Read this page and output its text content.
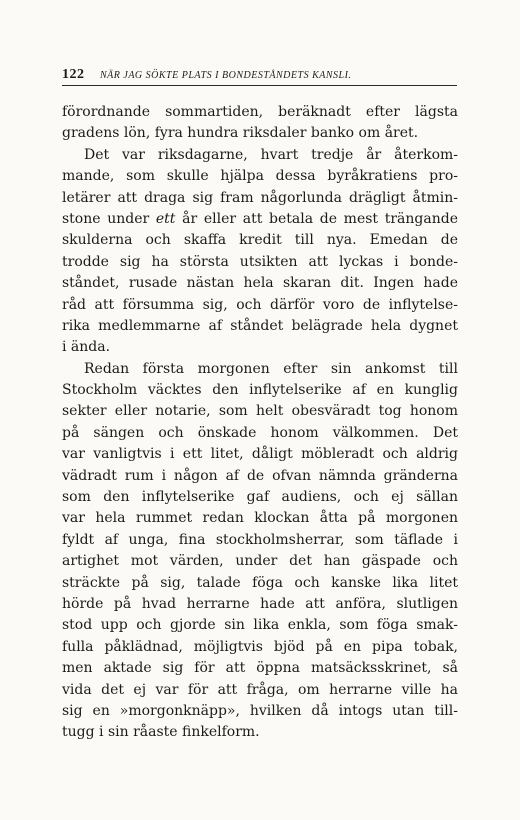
122 NÄR JAG SÖKTE PLATS I BONDESTÅNDETS KANSLI.
förordnande sommartiden, beräknadt efter lägsta
gradens lön, fyra hundra riksdaler banko om året.
Det var riksdagarne, hvart tredje år återkom-
mande, som skulle hjälpa dessa byråkratiens pro-
letärer att draga sig fram någorlunda drägligt åtmin-
stone under ett år eller att betala de mest trängande
skulderna och skaffa kredit till nya. Emedan de
trodde sig ha största utsikten att lyckas i bonde-
ståndet, rusade nästan hela skaran dit. Ingen hade
råd att försumma sig, och därför voro de inflytelse-
rika medlemmarne af ståndet belägrade hela dygnet
i ända.
Redan första morgonen efter sin ankomst till
Stockholm väcktes den inflytelserike af en kunglig
sekter eller notarie, som helt obesväradt tog honom
på sängen och önskade honom välkommen. Det
var vanligtvis i ett litet, dåligt möbleradt och aldrig
vädradt rum i någon af de ofvan nämnda gränderna
som den inflytelserike gaf audiens, och ej sällan
var hela rummet redan klockan åtta på morgonen
fyldt af unga, fina stockholmsherrar, som täflade i
artighet mot värden, under det han gäspade och
sträckte på sig, talade föga och kanske lika litet
hörde på hvad herrarne hade att anföra, slutligen
stod upp och gjorde sin lika enkla, som föga smak-
fulla påklädnad, möjligtvis bjöd på en pipa tobak,
men aktade sig för att öppna matsäcksskrinet, så
vida det ej var för att fråga, om herrarne ville ha
sig en »morgonknäpp», hvilken då intogs utan till-
tugg i sin råaste finkelform.
